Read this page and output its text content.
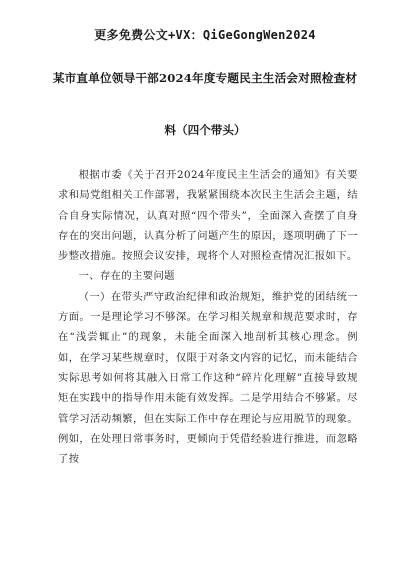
更多免费公文+VX：QiGeGongWen2024
某市直单位领导干部2024年度专题民主生活会对照检查材
料（四个带头）

根据市委《关于召开2024年度民主生活会的通知》有关要求和局党组相关工作部署，我紧紧围绕本次民主生活会主题，结合自身实际情况，认真对照“四个带头”，全面深入查摆了自身存在的突出问题，认真分析了问题产生的原因，逐项明确了下一步整改措施。按照会议安排，现将个人对照检查情况汇报如下。

一、存在的主要问题

（一）在带头严守政治纪律和政治规矩，维护党的团结统一方面。一是理论学习不够深。在学习相关规章和规范要求时，存在“浅尝辄止”的现象，未能全面深入地剖析其核心理念。例如，在学习某些规章时，仅限于对条文内容的记忆，而未能结合实际思考如何将其融入日常工作这种“碎片化理解”直接导致规矩在实践中的指导作用未能有效发挥。二是学用结合不够紧。尽管学习活动频繁，但在实际工作中存在理论与应用脱节的现象。例如，在处理日常事务时，更倾向于凭借经验进行推进，而忽略了按
